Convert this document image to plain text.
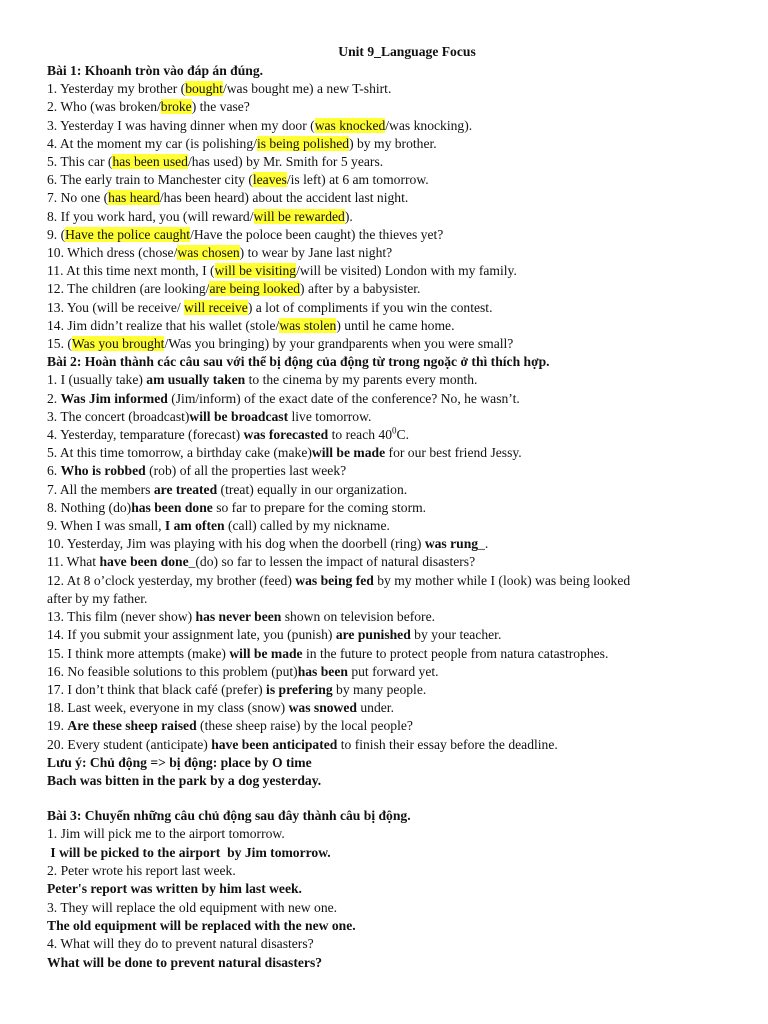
Unit 9_Language Focus
Bài 1: Khoanh tròn vào đáp án đúng.
1. Yesterday my brother (bought/was bought me) a new T-shirt.
2. Who (was broken/broke) the vase?
3. Yesterday I was having dinner when my door (was knocked/was knocking).
4. At the moment my car (is polishing/is being polished) by my brother.
5. This car (has been used/has used) by Mr. Smith for 5 years.
6. The early train to Manchester city (leaves/is left) at 6 am tomorrow.
7. No one (has heard/has been heard) about the accident last night.
8. If you work hard, you (will reward/will be rewarded).
9. (Have the police caught/Have the poloce been caught) the thieves yet?
10. Which dress (chose/was chosen) to wear by Jane last night?
11. At this time next month, I (will be visiting/will be visited) London with my family.
12. The children (are looking/are being looked) after by a babysister.
13. You (will be receive/ will receive) a lot of compliments if you win the contest.
14. Jim didn’t realize that his wallet (stole/was stolen) until he came home.
15. (Was you brought/Was you bringing) by your grandparents when you were small?
Bài 2: Hoàn thành các câu sau với thể bị động của động từ trong ngoặc ở thì thích hợp.
1. I (usually take) am usually taken to the cinema by my parents every month.
2. Was Jim informed (Jim/inform) of the exact date of the conference? No, he wasn’t.
3. The concert (broadcast)will be broadcast live tomorrow.
4. Yesterday, temparature (forecast) was forecasted to reach $40^0C$.
5. At this time tomorrow, a birthday cake (make)will be made for our best friend Jessy.
6. Who is robbed (rob) of all the properties last week?
7. All the members are treated (treat) equally in our organization.
8. Nothing (do)has been done so far to prepare for the coming storm.
9. When I was small, I am often (call) called by my nickname.
10. Yesterday, Jim was playing with his dog when the doorbell (ring) was rung_.
11. What have been done_(do) so far to lessen the impact of natural disasters?
12. At 8 o’clock yesterday, my brother (feed) was being fed by my mother while I (look) was being looked
after by my father.
13. This film (never show) has never been shown on television before.
14. If you submit your assignment late, you (punish) are punished by your teacher.
15. I think more attempts (make) will be made in the future to protect people from natura catastrophes.
16. No feasible solutions to this problem (put)has been put forward yet.
17. I don’t think that black café (prefer) is prefering by many people.
18. Last week, everyone in my class (snow) was snowed under.
19. Are these sheep raised (these sheep raise) by the local people?
20. Every student (anticipate) have been anticipated to finish their essay before the deadline.
Lưu ý: Chủ động => bị động: place by O time
Bach was bitten in the park by a dog yesterday.
Bài 3: Chuyển những câu chủ động sau đây thành câu bị động.
1. Jim will pick me to the airport tomorrow.
I will be picked to the airport  by Jim tomorrow.
2. Peter wrote his report last week.
Peter's report was written by him last week.
3. They will replace the old equipment with new one.
The old equipment will be replaced with the new one.
4. What will they do to prevent natural disasters?
What will be done to prevent natural disasters?
